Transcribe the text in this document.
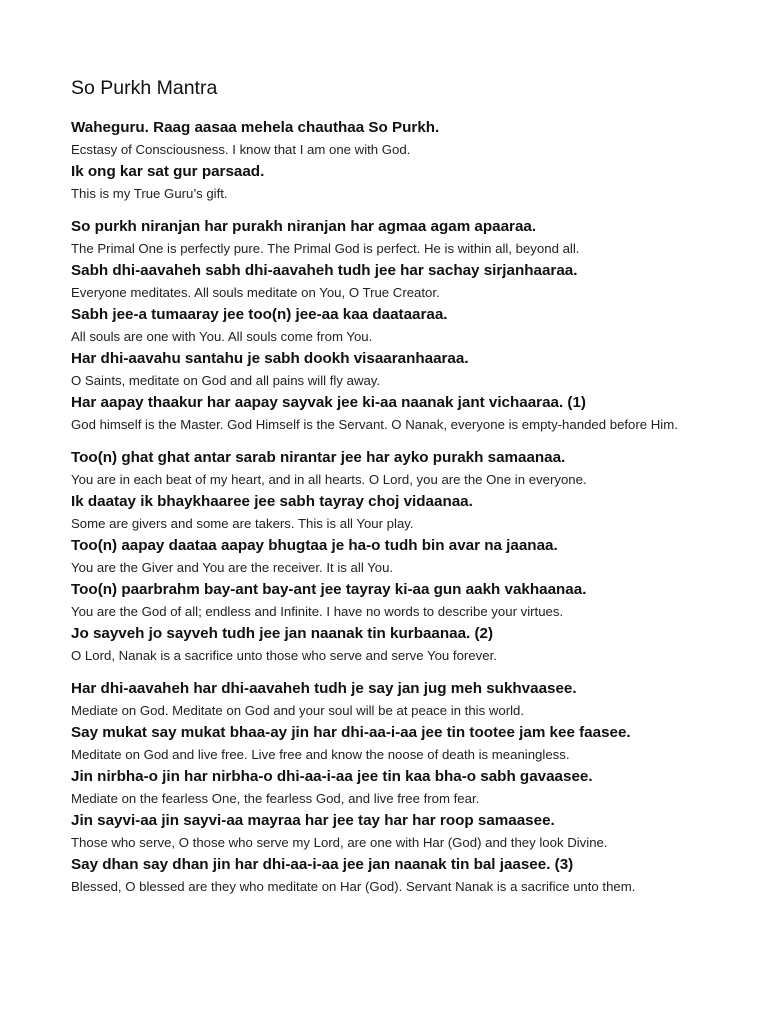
So Purkh Mantra

Waheguru. Raag aasaa mehela chauthaa So Purkh.

Ecstasy of Consciousness. I know that I am one with God.

Ik ong kar sat gur parsaad.

This is my True Guru’s gift.

So purkh niranjan har purakh niranjan har agmaa agam apaaraa.

The Primal One is perfectly pure. The Primal God is perfect. He is within all, beyond all.

Sabh dhi-aavaheh sabh dhi-aavaheh tudh jee har sachay sirjanhaaraa.

Everyone meditates. All souls meditate on You, O True Creator.

Sabh jee-a tumaaray jee too(n) jee-aa kaa daataaraa.

All souls are one with You. All souls come from You.

Har dhi-aavahu santahu je sabh dookh visaaranhaaraa.

O Saints, meditate on God and all pains will fly away.

Har aapay thaakur har aapay sayvak jee ki-aa naanak jant vichaaraa. (1)

God himself is the Master. God Himself is the Servant. O Nanak, everyone is empty-handed before Him.

Too(n) ghat ghat antar sarab nirantar jee har ayko purakh samaanaa.

You are in each beat of my heart, and in all hearts. O Lord, you are the One in everyone.

Ik daatay ik bhaykhaaree jee sabh tayray choj vidaanaa.

Some are givers and some are takers. This is all Your play.

Too(n) aapay daataa aapay bhugtaa je ha-o tudh bin avar na jaanaa.

You are the Giver and You are the receiver. It is all You.

Too(n) paarbrahm bay-ant bay-ant jee tayray ki-aa gun aakh vakhaanaa.

You are the God of all; endless and Infinite. I have no words to describe your virtues.

Jo sayveh jo sayveh tudh jee jan naanak tin kurbaanaa. (2)

O Lord, Nanak is a sacrifice unto those who serve and serve You forever.

Har dhi-aavaheh har dhi-aavaheh tudh je say jan jug meh sukhvaasee.

Mediate on God. Meditate on God and your soul will be at peace in this world.

Say mukat say mukat bhaa-ay jin har dhi-aa-i-aa jee tin tootee jam kee faasee.

Meditate on God and live free. Live free and know the noose of death is meaningless.

Jin nirbha-o jin har nirbha-o dhi-aa-i-aa jee tin kaa bha-o sabh gavaasee.

Mediate on the fearless One, the fearless God, and live free from fear.

Jin sayvi-aa jin sayvi-aa mayraa har jee tay har har roop samaasee.

Those who serve, O those who serve my Lord, are one with Har (God) and they look Divine.

Say dhan say dhan jin har dhi-aa-i-aa jee jan naanak tin bal jaasee. (3)

Blessed, O blessed are they who meditate on Har (God). Servant Nanak is a sacrifice unto them.
